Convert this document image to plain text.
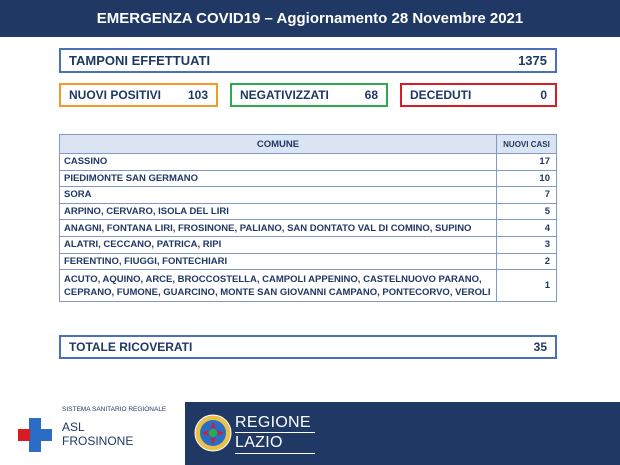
EMERGENZA COVID19 – Aggiornamento 28 Novembre 2021
TAMPONI EFFETTUATI	1375
NUOVI POSITIVI 103	NEGATIVIZZATI	68	DECEDUTI	0
COMUNE	NUOVI CASI
CASSINO	17
PIEDIMONTE SAN GERMANO	10
SORA	7
ARPINO, CERVARO, ISOLA DEL LIRI	5
ANAGNI, FONTANA LIRI, FROSINONE, PALIANO, SAN DONTATO VAL DI COMINO, SUPINO	4
ALATRI, CECCANO, PATRICA, RIPI	3
FERENTINO, FIUGGI, FONTECHIARI	2

ACUTO, AQUINO, ARCE, BROCCOSTELLA, CAMPOLI APPENINO, CASTELNUOVO PARANO,
CEPRANO, FUMONE, GUARCINO, MONTE SAN GIOVANNI CAMPANO, PONTECORVO, VEROLI	1
TOTALE RICOVERATI	35
SISTEMA SANITARIO REGIONALE
ASL
FROSINONE
REGIONE
LAZIO
